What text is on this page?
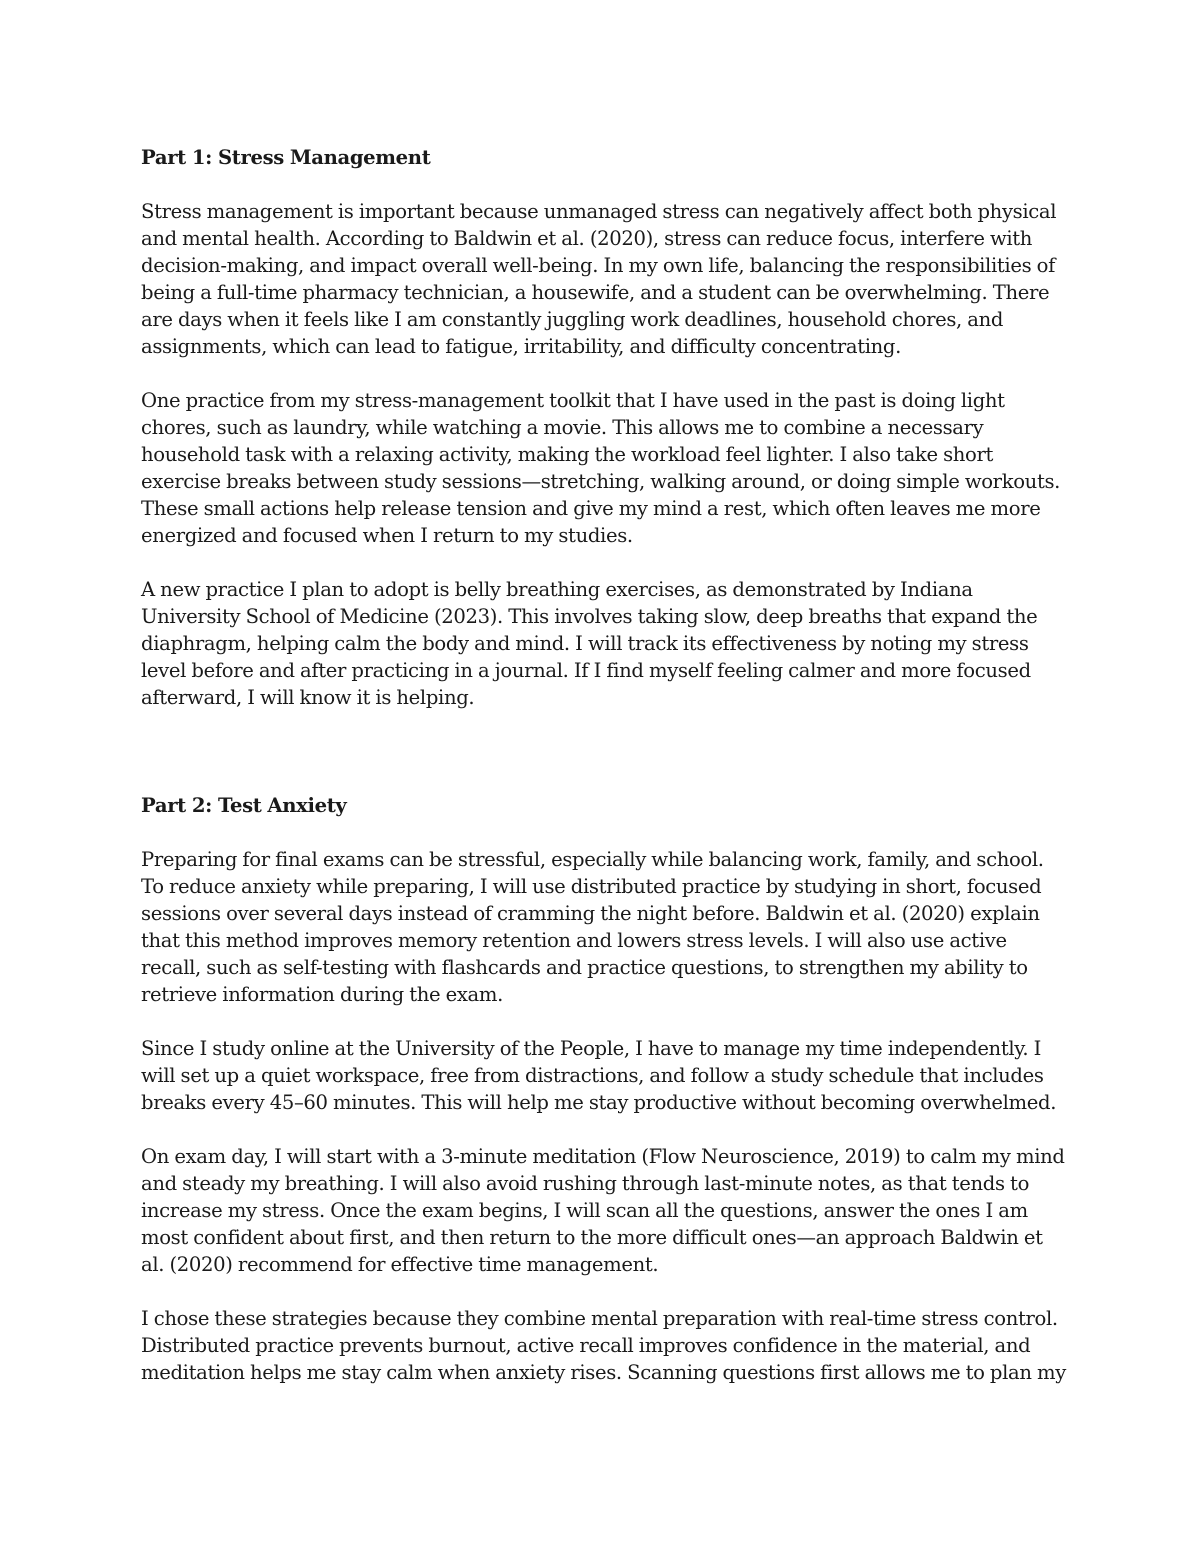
Part 1: Stress Management

Stress management is important because unmanaged stress can negatively affect both physical and mental health. According to Baldwin et al. (2020), stress can reduce focus, interfere with decision-making, and impact overall well-being. In my own life, balancing the responsibilities of being a full-time pharmacy technician, a housewife, and a student can be overwhelming. There are days when it feels like I am constantly juggling work deadlines, household chores, and assignments, which can lead to fatigue, irritability, and difficulty concentrating.

One practice from my stress-management toolkit that I have used in the past is doing light chores, such as laundry, while watching a movie. This allows me to combine a necessary household task with a relaxing activity, making the workload feel lighter. I also take short exercise breaks between study sessions—stretching, walking around, or doing simple workouts. These small actions help release tension and give my mind a rest, which often leaves me more energized and focused when I return to my studies.

A new practice I plan to adopt is belly breathing exercises, as demonstrated by Indiana University School of Medicine (2023). This involves taking slow, deep breaths that expand the diaphragm, helping calm the body and mind. I will track its effectiveness by noting my stress level before and after practicing in a journal. If I find myself feeling calmer and more focused afterward, I will know it is helping.

Part 2: Test Anxiety

Preparing for final exams can be stressful, especially while balancing work, family, and school. To reduce anxiety while preparing, I will use distributed practice by studying in short, focused sessions over several days instead of cramming the night before. Baldwin et al. (2020) explain that this method improves memory retention and lowers stress levels. I will also use active recall, such as self-testing with flashcards and practice questions, to strengthen my ability to retrieve information during the exam.

Since I study online at the University of the People, I have to manage my time independently. I will set up a quiet workspace, free from distractions, and follow a study schedule that includes breaks every 45–60 minutes. This will help me stay productive without becoming overwhelmed.

On exam day, I will start with a 3-minute meditation (Flow Neuroscience, 2019) to calm my mind and steady my breathing. I will also avoid rushing through last-minute notes, as that tends to increase my stress. Once the exam begins, I will scan all the questions, answer the ones I am most confident about first, and then return to the more difficult ones—an approach Baldwin et al. (2020) recommend for effective time management.

I chose these strategies because they combine mental preparation with real-time stress control. Distributed practice prevents burnout, active recall improves confidence in the material, and meditation helps me stay calm when anxiety rises. Scanning questions first allows me to plan my
